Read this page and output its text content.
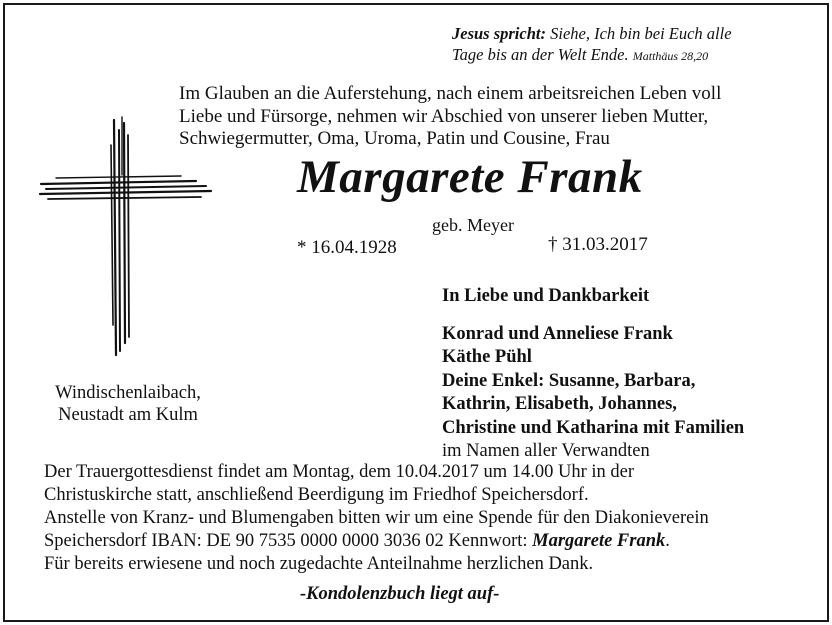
Jesus spricht: Siehe, Ich bin bei Euch alle
Tage bis an der Welt Ende. Matthäus 28,20
Im Glauben an die Auferstehung, nach einem arbeitsreichen Leben voll
Liebe und Fürsorge, nehmen wir Abschied von unserer lieben Mutter,
Schwiegermutter, Oma, Uroma, Patin und Cousine, Frau
Margarete Frank
geb. Meyer
* 16.04.1928	† 31.03.2017
Windischenlaibach,
Neustadt am Kulm
In Liebe und Dankbarkeit
Konrad und Anneliese Frank
Käthe Pühl
Deine Enkel: Susanne, Barbara,
Kathrin, Elisabeth, Johannes,
Christine und Katharina mit Familien
im Namen aller Verwandten
Der Trauergottesdienst findet am Montag, dem 10.04.2017 um 14.00 Uhr in der
Christuskirche statt, anschließend Beerdigung im Friedhof Speichersdorf.
Anstelle von Kranz- und Blumengaben bitten wir um eine Spende für den Diakonieverein
Speichersdorf IBAN: DE 90 7535 0000 0000 3036 02 Kennwort: Margarete Frank.
Für bereits erwiesene und noch zugedachte Anteilnahme herzlichen Dank.
-Kondolenzbuch liegt auf-
